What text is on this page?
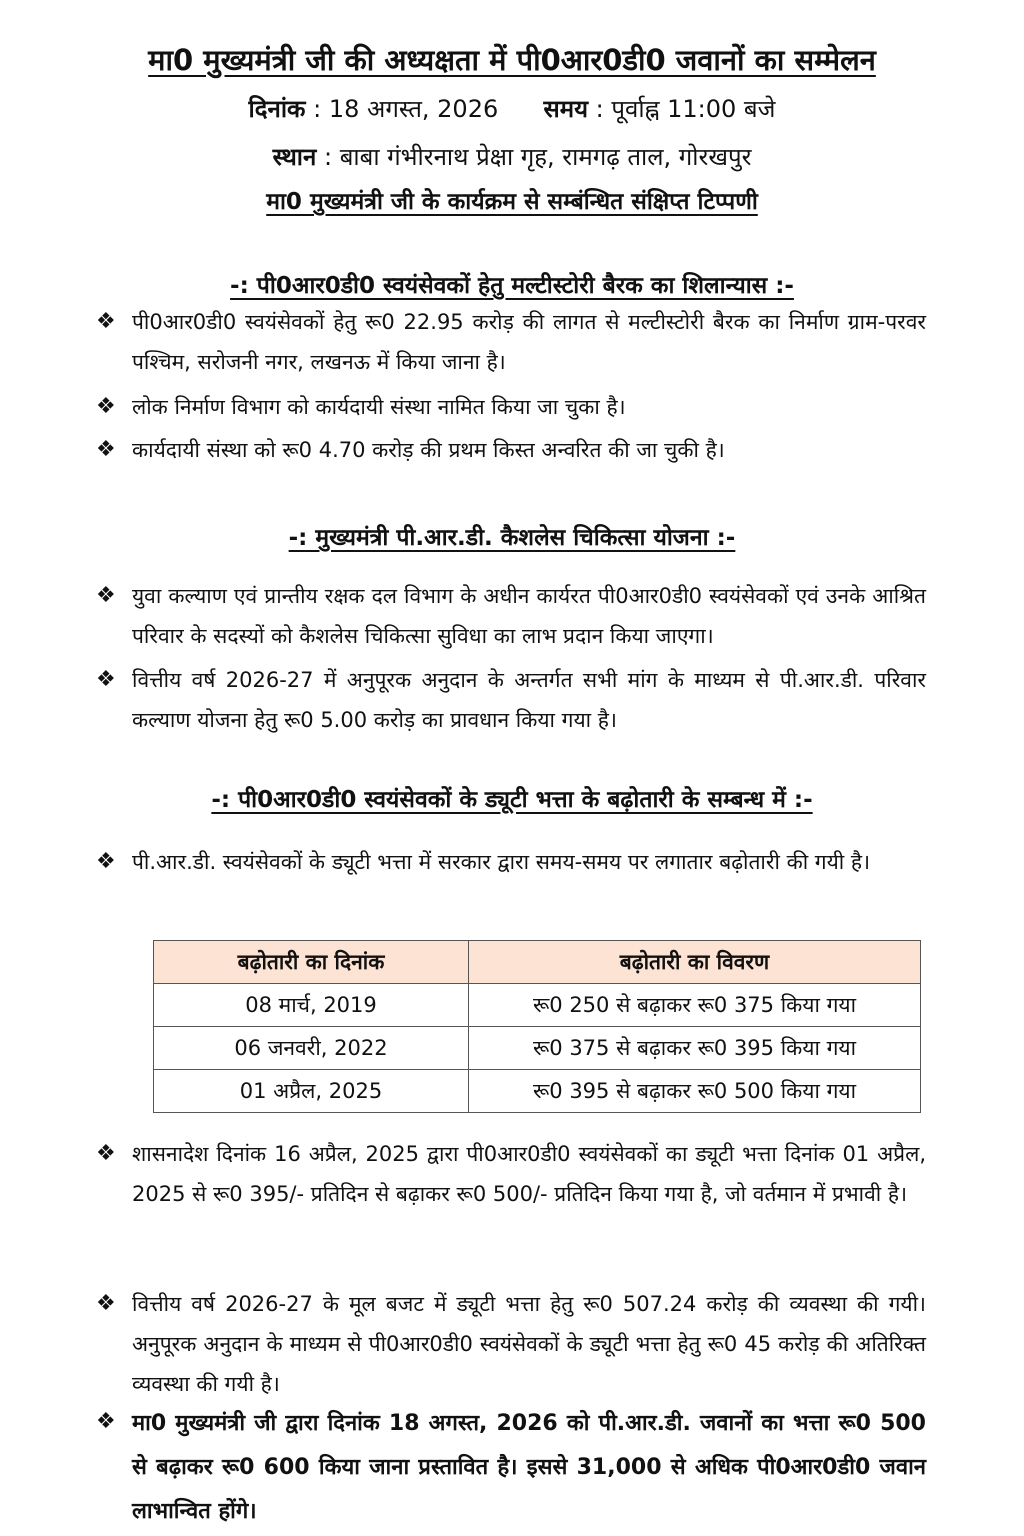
मा0 मुख्यमंत्री जी की अध्यक्षता में पी0आर0डी0 जवानों का सम्मेलन
दिनांक : 18 अगस्त, 2026 समय : पूर्वाह्न 11:00 बजे
स्थान : बाबा गंभीरनाथ प्रेक्षा गृह, रामगढ़ ताल, गोरखपुर
मा0 मुख्यमंत्री जी के कार्यक्रम से सम्बंन्धित संक्षिप्त टिप्पणी
-: पी0आर0डी0 स्वयंसेवकों हेतु मल्टीस्टोरी बैरक का शिलान्यास :-
❖ पी0आर0डी0 स्वयंसेवकों हेतु रू0 22.95 करोड़ की लागत से मल्टीस्टोरी बैरक का निर्माण ग्राम-परवर पश्चिम, सरोजनी नगर, लखनऊ में किया जाना है।
❖ लोक निर्माण विभाग को कार्यदायी संस्था नामित किया जा चुका है।
❖ कार्यदायी संस्था को रू0 4.70 करोड़ की प्रथम किस्त अन्वरित की जा चुकी है।
-: मुख्यमंत्री पी.आर.डी. कैशलेस चिकित्सा योजना :-
❖ युवा कल्याण एवं प्रान्तीय रक्षक दल विभाग के अधीन कार्यरत पी0आर0डी0 स्वयंसेवकों एवं उनके आश्रित परिवार के सदस्यों को कैशलेस चिकित्सा सुविधा का लाभ प्रदान किया जाएगा।
❖ वित्तीय वर्ष 2026-27 में अनुपूरक अनुदान के अन्तर्गत सभी मांग के माध्यम से पी.आर.डी. परिवार कल्याण योजना हेतु रू0 5.00 करोड़ का प्रावधान किया गया है।
-: पी0आर0डी0 स्वयंसेवकों के ड्यूटी भत्ता के बढ़ोतारी के सम्बन्ध में :-
❖ पी.आर.डी. स्वयंसेवकों के ड्यूटी भत्ता में सरकार द्वारा समय-समय पर लगातार बढ़ोतारी की गयी है।
बढ़ोतारी का दिनांक	बढ़ोतारी का विवरण
08 मार्च, 2019	रू0 250 से बढ़ाकर रू0 375 किया गया
06 जनवरी, 2022	रू0 375 से बढ़ाकर रू0 395 किया गया
01 अप्रैल, 2025	रू0 395 से बढ़ाकर रू0 500 किया गया
❖ शासनादेश दिनांक 16 अप्रैल, 2025 द्वारा पी0आर0डी0 स्वयंसेवकों का ड्यूटी भत्ता दिनांक 01 अप्रैल, 2025 से रू0 395/- प्रतिदिन से बढ़ाकर रू0 500/- प्रतिदिन किया गया है, जो वर्तमान में प्रभावी है।
❖ वित्तीय वर्ष 2026-27 के मूल बजट में ड्यूटी भत्ता हेतु रू0 507.24 करोड़ की व्यवस्था की गयी। अनुपूरक अनुदान के माध्यम से पी0आर0डी0 स्वयंसेवकों के ड्यूटी भत्ता हेतु रू0 45 करोड़ की अतिरिक्त व्यवस्था की गयी है।
❖ मा0 मुख्यमंत्री जी द्वारा दिनांक 18 अगस्त, 2026 को पी.आर.डी. जवानों का भत्ता रू0 500 से बढ़ाकर रू0 600 किया जाना प्रस्तावित है। इससे 31,000 से अधिक पी0आर0डी0 जवान लाभान्वित होंगे।
